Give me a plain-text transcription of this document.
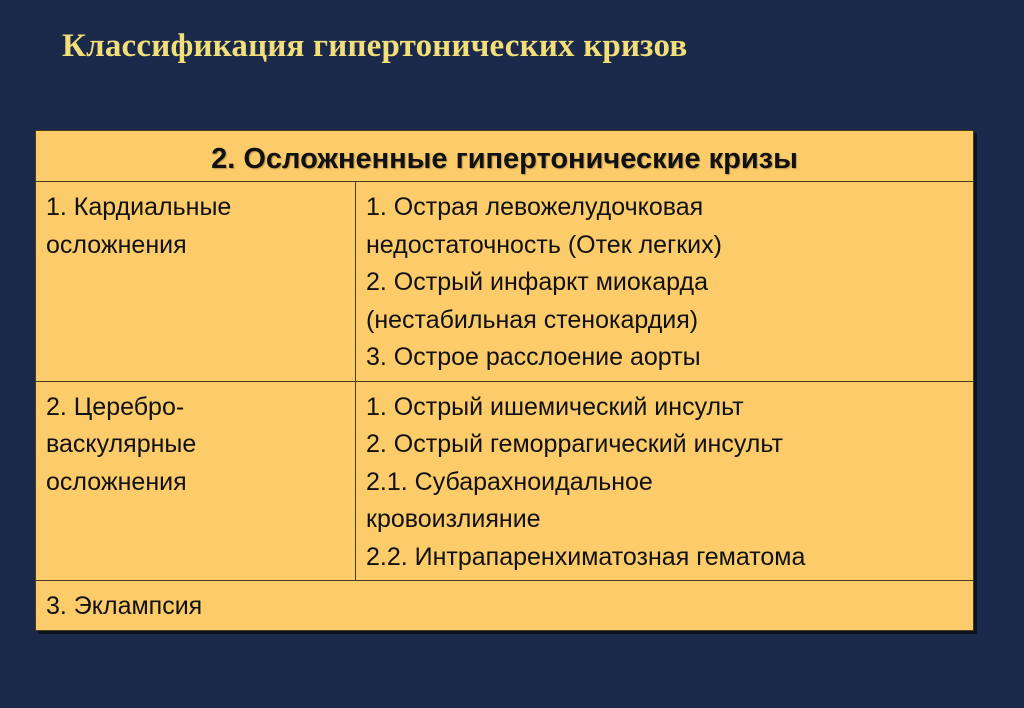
Классификация гипертонических кризов
2. Осложненные гипертонические кризы	

1. Кардиальные
осложнения	1. Острая левожелудочковая
недостаточность (Отек легких)
2. Острый инфаркт миокарда
(нестабильная стенокардия)
3. Острое расслоение аорты

2. Церебро-
васкулярные
осложнения	1. Острый ишемический инсульт
2. Острый геморрагический инсульт
2.1. Субарахноидальное
кровоизлияние
2.2. Интрапаренхиматозная гематома

3. Эклампсия	
